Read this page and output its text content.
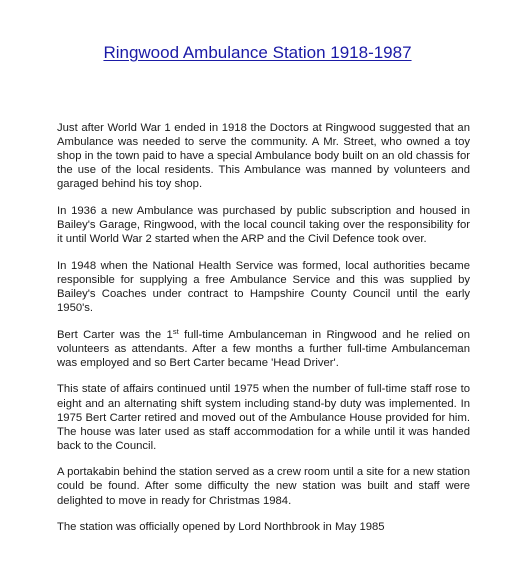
Ringwood Ambulance Station 1918-1987

Just after World War 1 ended in 1918 the Doctors at Ringwood suggested that an Ambulance was needed to serve the community. A Mr. Street, who owned a toy shop in the town paid to have a special Ambulance body built on an old chassis for the use of the local residents. This Ambulance was manned by volunteers and garaged behind his toy shop.

In 1936 a new Ambulance was purchased by public subscription and housed in Bailey's Garage, Ringwood, with the local council taking over the responsibility for it until World War 2 started when the ARP and the Civil Defence took over.

In 1948 when the National Health Service was formed, local authorities became responsible for supplying a free Ambulance Service and this was supplied by Bailey's Coaches under contract to Hampshire County Council until the early 1950's.

Bert Carter was the 1st full-time Ambulanceman in Ringwood and he relied on volunteers as attendants. After a few months a further full-time Ambulanceman was employed and so Bert Carter became 'Head Driver'.

This state of affairs continued until 1975 when the number of full-time staff rose to eight and an alternating shift system including stand-by duty was implemented. In 1975 Bert Carter retired and moved out of the Ambulance House provided for him. The house was later used as staff accommodation for a while until it was handed back to the Council.

A portakabin behind the station served as a crew room until a site for a new station could be found. After some difficulty the new station was built and staff were delighted to move in ready for Christmas 1984.

The station was officially opened by Lord Northbrook in May 1985
